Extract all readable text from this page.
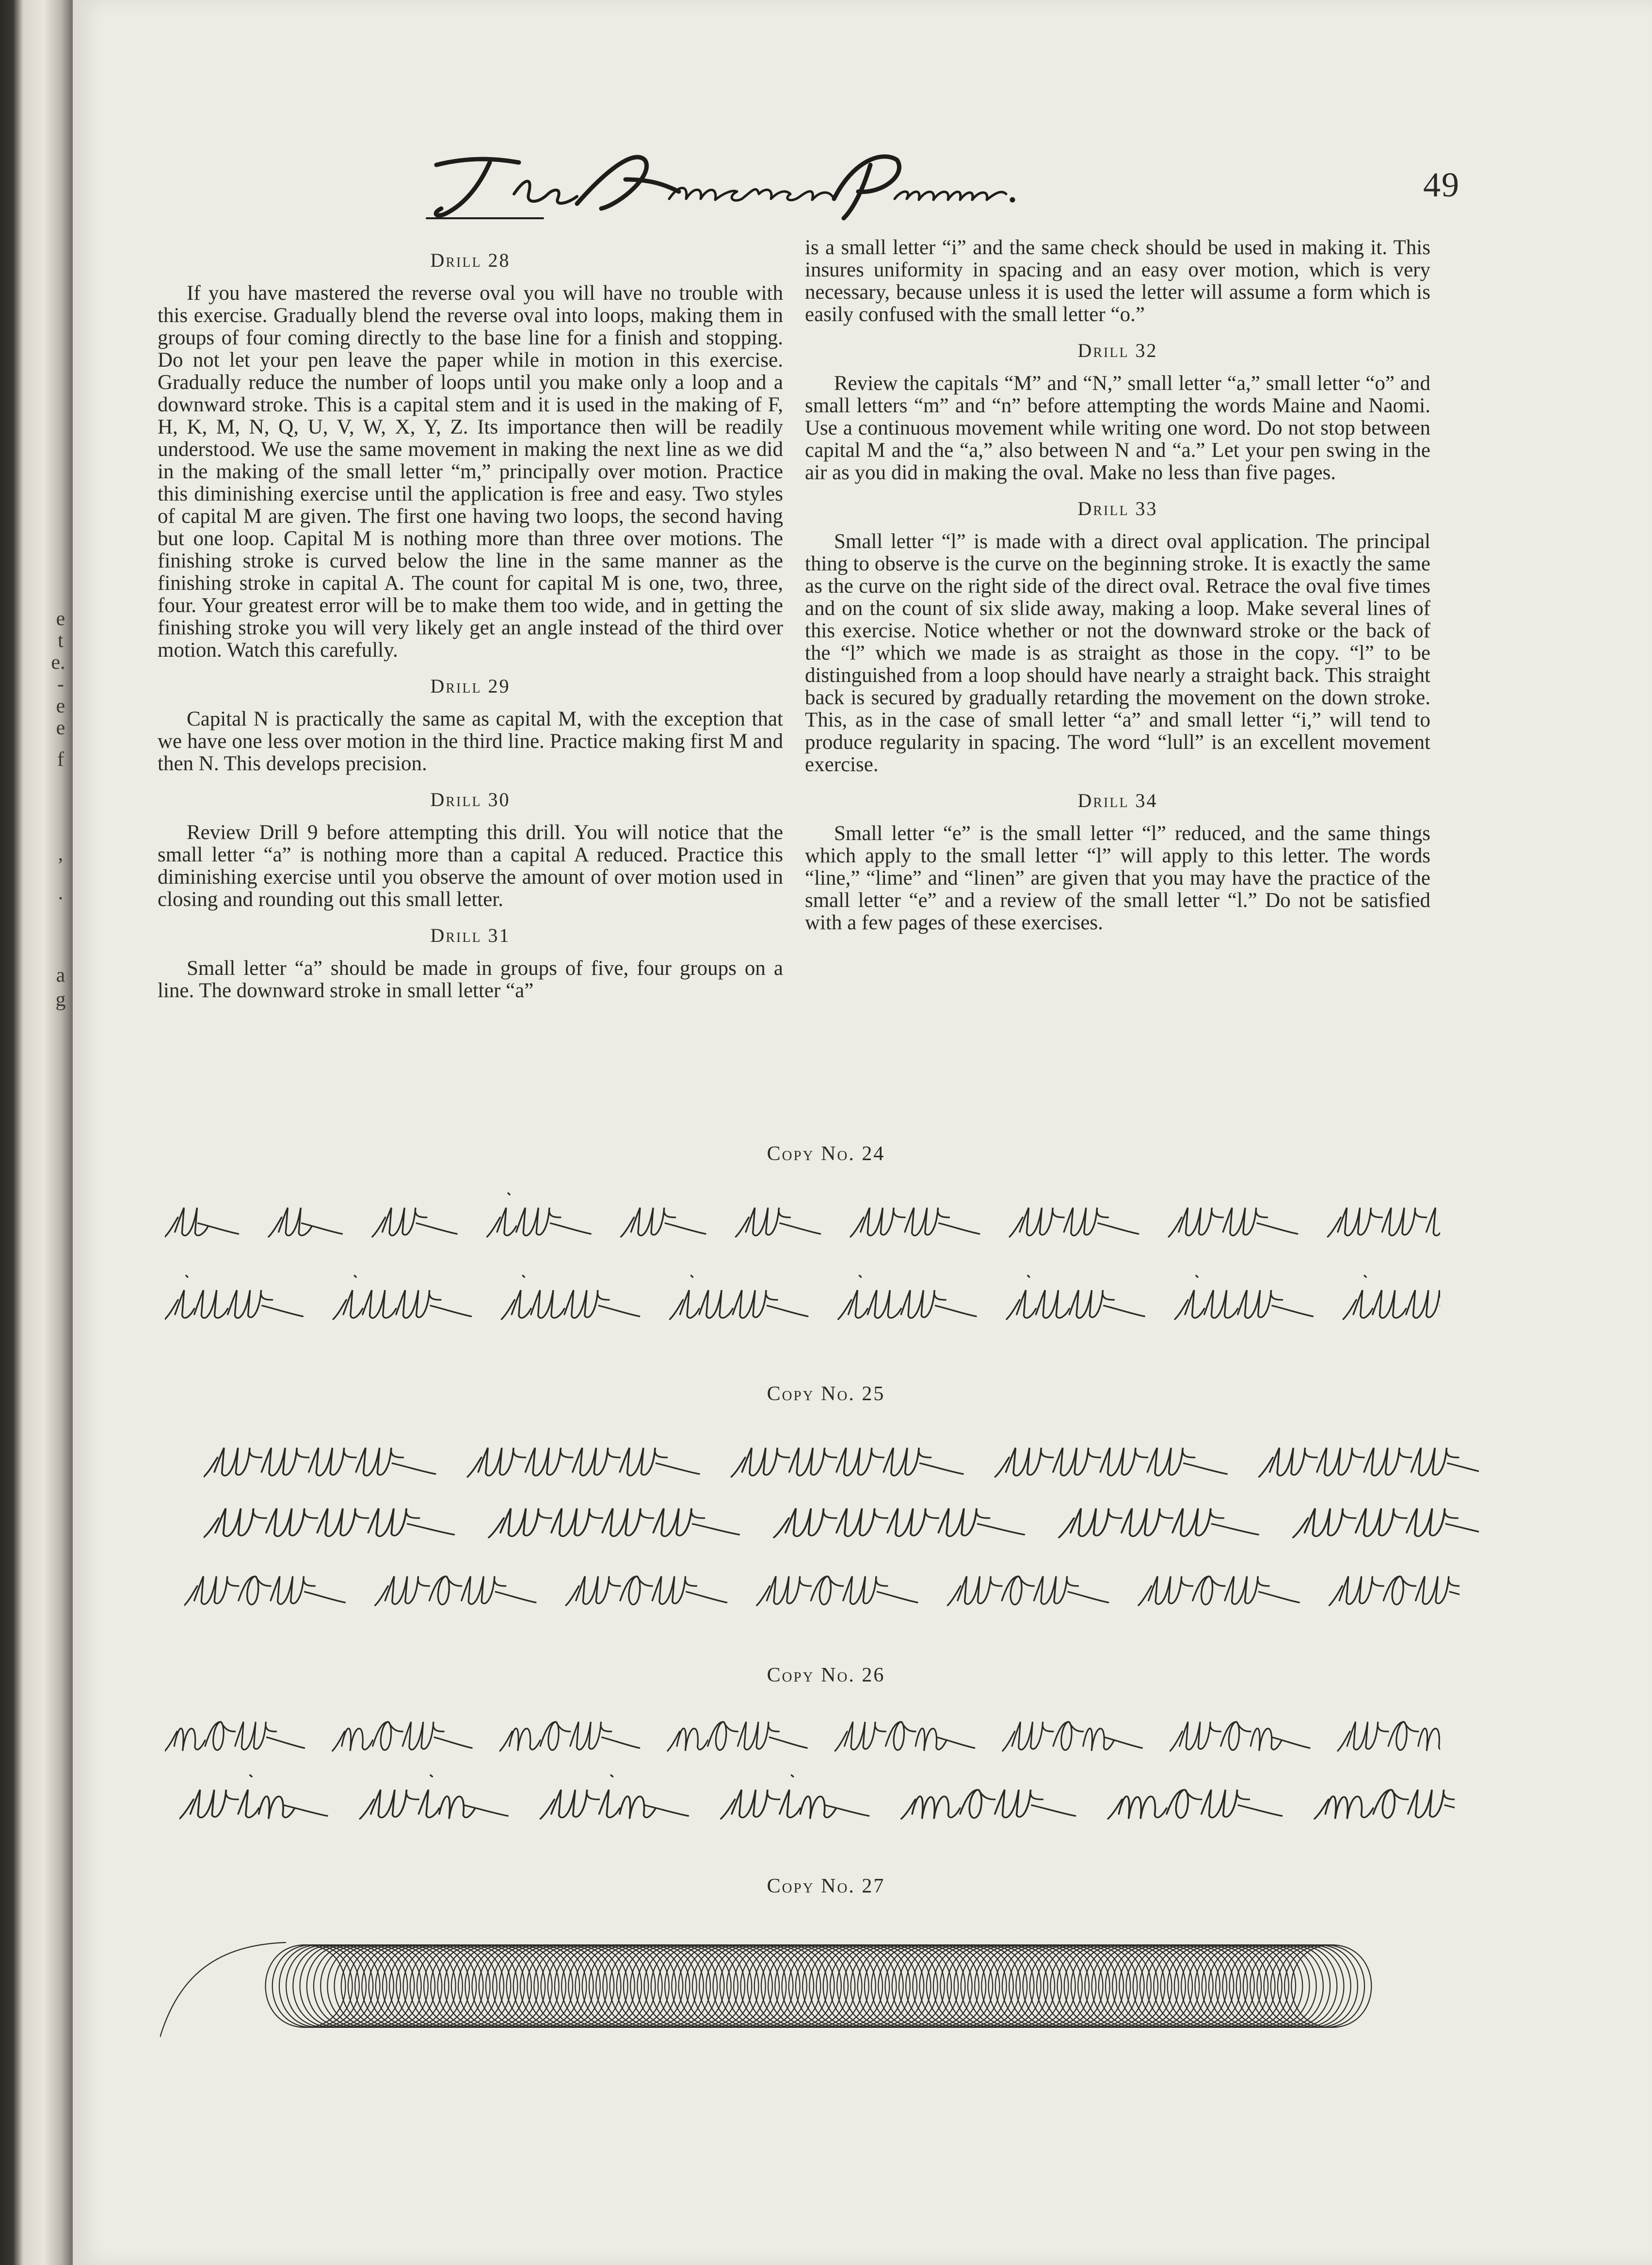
e
t
e.
-
e
e
f
,
.
a
g
49
Drill 28

If you have mastered the reverse oval you will have no trouble with this exercise. Gradually blend the reverse oval into loops, making them in groups of four coming directly to the base line for a finish and stopping. Do not let your pen leave the paper while in motion in this exercise. Gradually reduce the number of loops until you make only a loop and a downward stroke. This is a capital stem and it is used in the making of F, H, K, M, N, Q, U, V, W, X, Y, Z. Its importance then will be readily understood. We use the same movement in making the next line as we did in the making of the small letter “m,” principally over motion. Practice this diminishing exercise until the application is free and easy. Two styles of capital M are given. The first one having two loops, the second having but one loop. Capital M is nothing more than three over motions. The finishing stroke is curved below the line in the same manner as the finishing stroke in capital A. The count for capital M is one, two, three, four. Your greatest error will be to make them too wide, and in getting the finishing stroke you will very likely get an angle instead of the third over motion. Watch this carefully.

Drill 29

Capital N is practically the same as capital M, with the exception that we have one less over motion in the third line. Practice making first M and then N. This develops precision.

Drill 30

Review Drill 9 before attempting this drill. You will notice that the small letter “a” is nothing more than a capital A reduced. Practice this diminishing exercise until you observe the amount of over motion used in closing and rounding out this small letter.

Drill 31

Small letter “a” should be made in groups of five, four groups on a line. The downward stroke in small letter “a”

is a small letter “i” and the same check should be used in making it. This insures uniformity in spacing and an easy over motion, which is very necessary, because unless it is used the letter will assume a form which is easily confused with the small letter “o.”

Drill 32

Review the capitals “M” and “N,” small letter “a,” small letter “o” and small letters “m” and “n” before attempting the words Maine and Naomi. Use a continuous movement while writing one word. Do not stop between capital M and the “a,” also between N and “a.” Let your pen swing in the air as you did in making the oval. Make no less than five pages.

Drill 33

Small letter “l” is made with a direct oval application. The principal thing to observe is the curve on the beginning stroke. It is exactly the same as the curve on the right side of the direct oval. Retrace the oval five times and on the count of six slide away, making a loop. Make several lines of this exercise. Notice whether or not the downward stroke or the back of the “l” which we made is as straight as those in the copy. “l” to be distinguished from a loop should have nearly a straight back. This straight back is secured by gradually retarding the movement on the down stroke. This, as in the case of small letter “a” and small letter “i,” will tend to produce regularity in spacing. The word “lull” is an excellent movement exercise.

Drill 34

Small letter “e” is the small letter “l” reduced, and the same things which apply to the small letter “l” will apply to this letter. The words “line,” “lime” and “linen” are given that you may have the practice of the small letter “e” and a review of the small letter “l.” Do not be satisfied with a few pages of these exercises.

Copy No. 24
Copy No. 25
Copy No. 26
Copy No. 27
